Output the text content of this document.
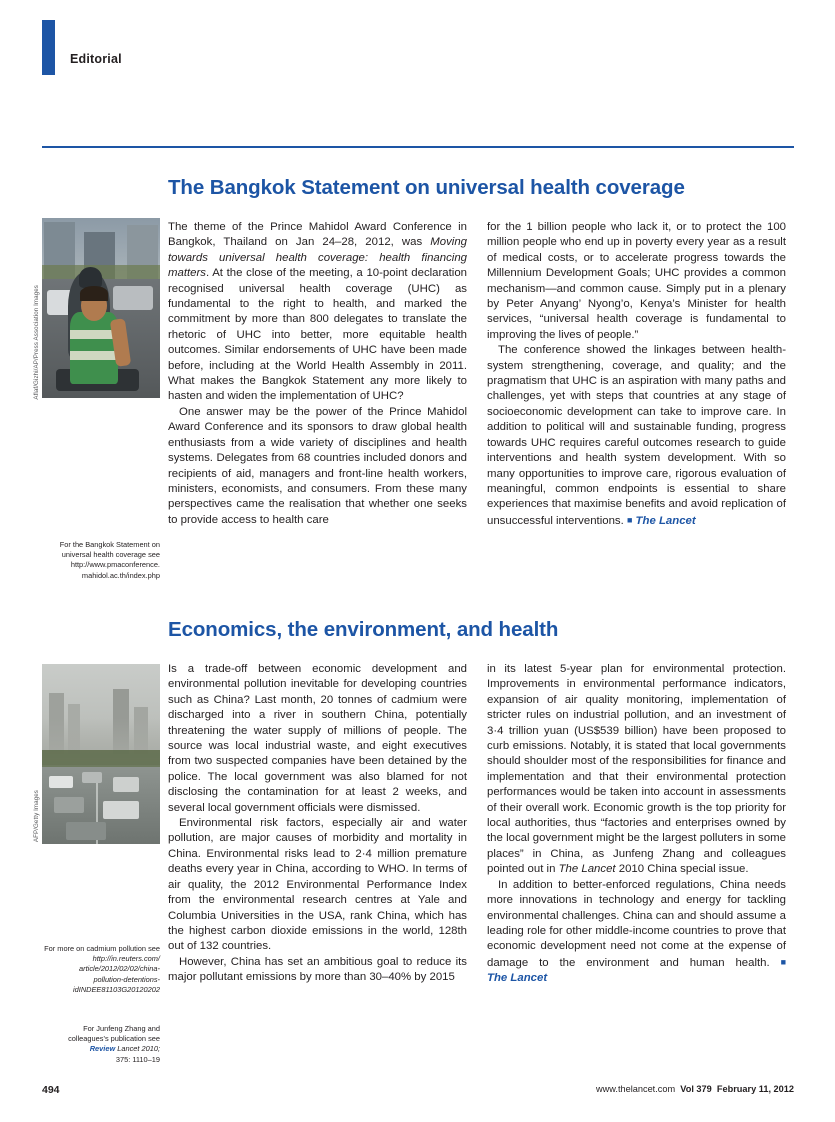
Editorial
The Bangkok Statement on universal health coverage
Aflaf/Gizhi/AP/Press Association Images

The theme of the Prince Mahidol Award Conference in Bangkok, Thailand on Jan 24–28, 2012, was Moving towards universal health coverage: health financing matters. At the close of the meeting, a 10-point declaration recognised universal health coverage (UHC) as fundamental to the right to health, and marked the commitment by more than 800 delegates to translate the rhetoric of UHC into better, more equitable health outcomes. Similar endorsements of UHC have been made before, including at the World Health Assembly in 2011. What makes the Bangkok Statement any more likely to hasten and widen the implementation of UHC?

One answer may be the power of the Prince Mahidol Award Conference and its sponsors to draw global health enthusiasts from a wide variety of disciplines and health systems. Delegates from 68 countries included donors and recipients of aid, managers and front-line health workers, ministers, economists, and consumers. From these many perspectives came the realisation that whether one seeks to provide access to health care

for the 1 billion people who lack it, or to protect the 100 million people who end up in poverty every year as a result of medical costs, or to accelerate progress towards the Millennium Development Goals; UHC provides a common mechanism—and common cause. Simply put in a plenary by Peter Anyang’ Nyong’o, Kenya’s Minister for health services, “universal health coverage is fundamental to improving the lives of people.”

The conference showed the linkages between health-system strengthening, coverage, and quality; and the pragmatism that UHC is an aspiration with many paths and challenges, yet with steps that countries at any stage of socioeconomic development can take to improve care. In addition to political will and sustainable funding, progress towards UHC requires careful outcomes research to guide interventions and health system development. With so many opportunities to improve care, rigorous evaluation of meaningful, common endpoints is essential to share experiences that maximise benefits and avoid replication of unsuccessful interventions. ■ The Lancet

For the Bangkok Statement on universal health coverage see http://www.pmaconference.
mahidol.ac.th/index.php
Economics, the environment, and health
AFP/Getty Images

Is a trade-off between economic development and environmental pollution inevitable for developing countries such as China? Last month, 20 tonnes of cadmium were discharged into a river in southern China, potentially threatening the water supply of millions of people. The source was local industrial waste, and eight executives from two suspected companies have been detained by the police. The local government was also blamed for not disclosing the contamination for at least 2 weeks, and several local government officials were dismissed.

Environmental risk factors, especially air and water pollution, are major causes of morbidity and mortality in China. Environmental risks lead to 2·4 million premature deaths every year in China, according to WHO. In terms of air quality, the 2012 Environmental Performance Index from the environmental research centres at Yale and Columbia Universities in the USA, rank China, which has the highest carbon dioxide emissions in the world, 128th out of 132 countries.

However, China has set an ambitious goal to reduce its major pollutant emissions by more than 30–40% by 2015

in its latest 5-year plan for environmental protection. Improvements in environmental performance indicators, expansion of air quality monitoring, implementation of stricter rules on industrial pollution, and an investment of 3·4 trillion yuan (US$539 billion) have been proposed to curb emissions. Notably, it is stated that local governments should shoulder most of the responsibilities for finance and implementation and that their environmental protection performances would be taken into account in assessments of their overall work. Economic growth is the top priority for local authorities, thus “factories and enterprises owned by the local government might be the largest polluters in some places” in China, as Junfeng Zhang and colleagues pointed out in The Lancet 2010 China special issue.

In addition to better-enforced regulations, China needs more innovations in technology and energy for tackling environmental challenges. China can and should assume a leading role for other middle-income countries to prove that economic development need not come at the expense of damage to the environment and human health. ■ The Lancet

For more on cadmium pollution see http://in.reuters.com/
article/2012/02/02/china-
pollution-detentions-
idINDEE81103G20120202
For Junfeng Zhang and
colleagues’s publication see
Review Lancet 2010;
375: 1110–19
494	www.thelancet.com Vol 379 February 11, 2012
